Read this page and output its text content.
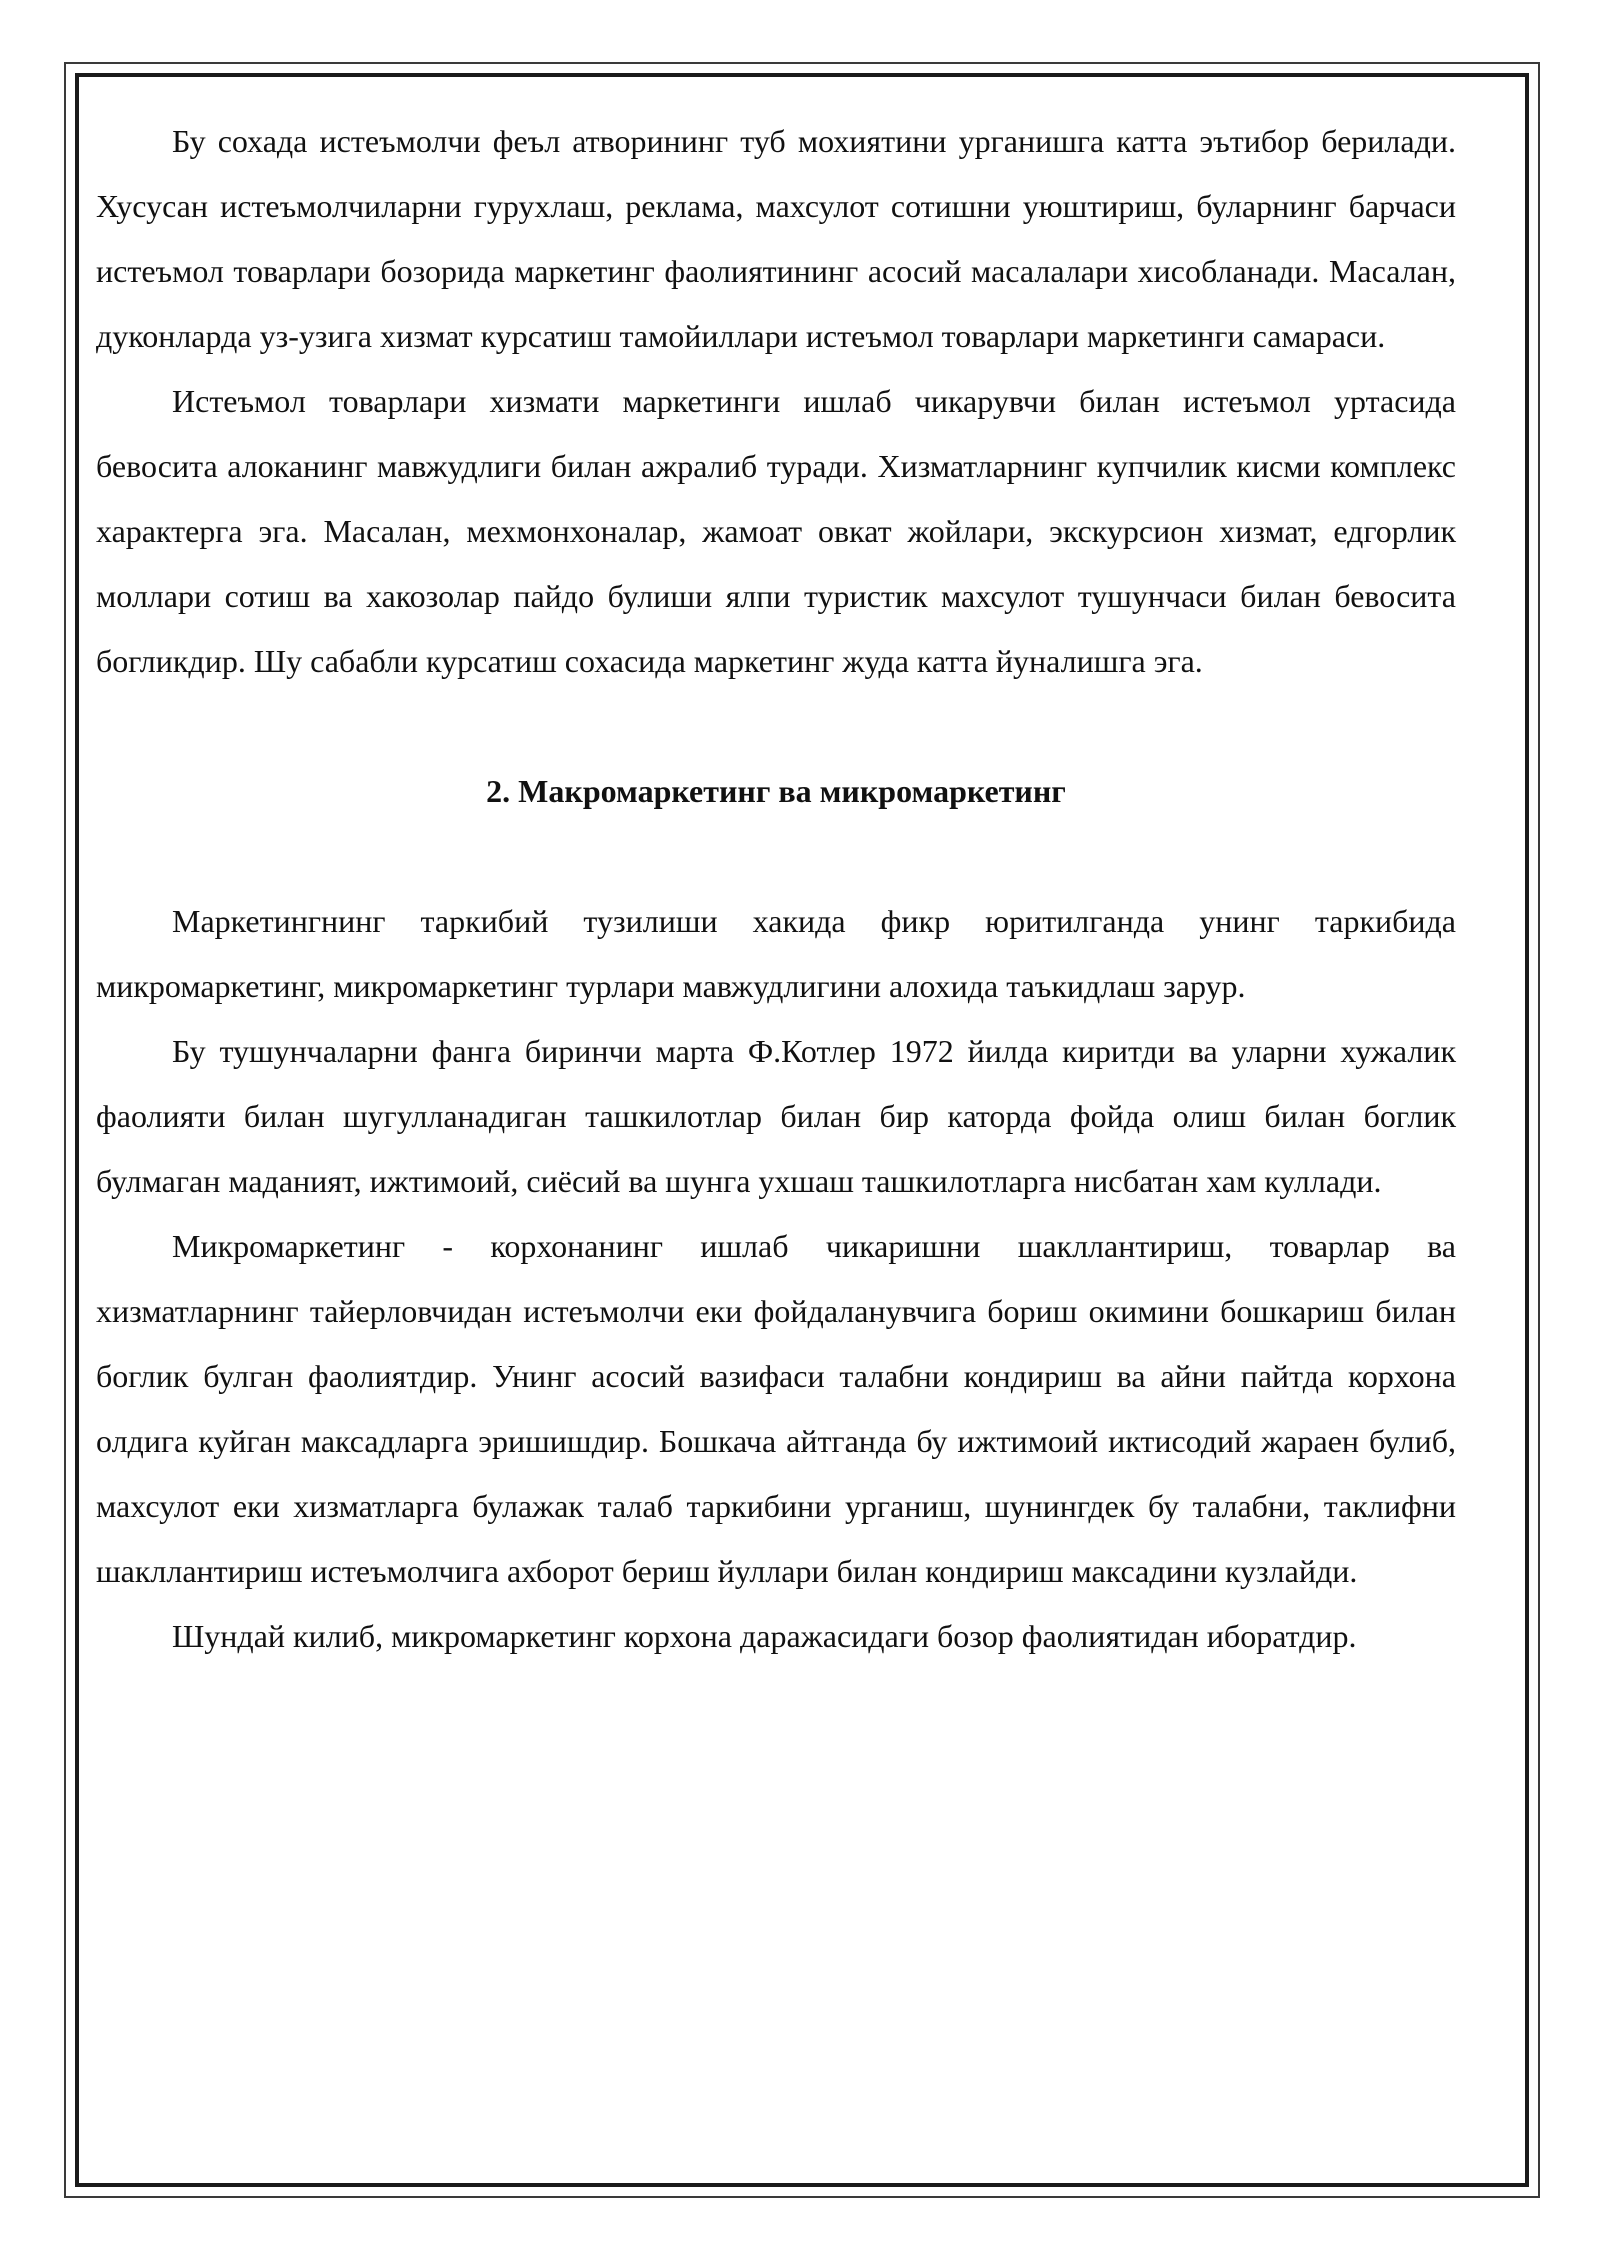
Бу сохада истеъмолчи феъл атворининг туб мохиятини урганишга катта эътибор берилади. Хусусан истеъмолчиларни гурухлаш, реклама, махсулот сотишни уюштириш, буларнинг барчаси истеъмол товарлари бозорида маркетинг фаолиятининг асосий масалалари хисобланади. Масалан, дуконларда уз-узига хизмат курсатиш тамойиллари истеъмол товарлари маркетинги самараси.

Истеъмол товарлари хизмати маркетинги ишлаб чикарувчи билан истеъмол уртасида бевосита алоканинг мавжудлиги билан ажралиб туради. Хизматларнинг купчилик кисми комплекс характерга эга. Масалан, мехмонхоналар, жамоат овкат жойлари, экскурсион хизмат, едгорлик моллари сотиш ва хакозолар пайдо булиши ялпи туристик махсулот тушунчаси билан бевосита богликдир. Шу сабабли курсатиш сохасида маркетинг жуда катта йуналишга эга.

2. Макромаркетинг ва микромаркетинг

Маркетингнинг таркибий тузилиши хакида фикр юритилганда унинг таркибида микромаркетинг, микромаркетинг турлари мавжудлигини алохида таъкидлаш зарур.

Бу тушунчаларни фанга биринчи марта Ф.Котлер 1972 йилда киритди ва уларни хужалик фаолияти билан шугулланадиган ташкилотлар билан бир каторда фойда олиш билан боглик булмаган маданият, ижтимоий, сиёсий ва шунга ухшаш ташкилотларга нисбатан хам куллади.

Микромаркетинг - корхонанинг ишлаб чикаришни шакллантириш, товарлар ва хизматларнинг тайерловчидан истеъмолчи еки фойдаланувчига бориш окимини бошкариш билан боглик булган фаолиятдир. Унинг асосий вазифаси талабни кондириш ва айни пайтда корхона олдига куйган максадларга эришишдир. Бошкача айтганда бу ижтимоий иктисодий жараен булиб, махсулот еки хизматларга булажак талаб таркибини урганиш, шунингдек бу талабни, таклифни шакллантириш истеъмолчига ахборот бериш йуллари билан кондириш максадини кузлайди.

Шундай килиб, микромаркетинг корхона даражасидаги бозор фаолиятидан иборатдир.
